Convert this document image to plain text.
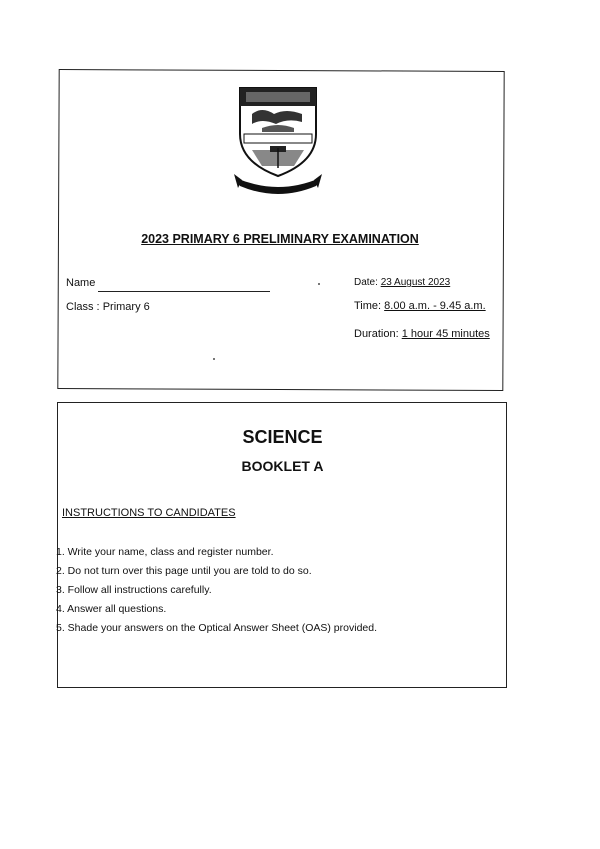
2023 PRIMARY 6 PRELIMINARY EXAMINATION
Name
Class : Primary 6
Date: 23 August 2023
Time: 8.00 a.m. - 9.45 a.m.
Duration: 1 hour 45 minutes
SCIENCE
BOOKLET A
INSTRUCTIONS TO CANDIDATES
1. Write your name, class and register number.
2. Do not turn over this page until you are told to do so.
3. Follow all instructions carefully.
4. Answer all questions.
5. Shade your answers on the Optical Answer Sheet (OAS) provided.
